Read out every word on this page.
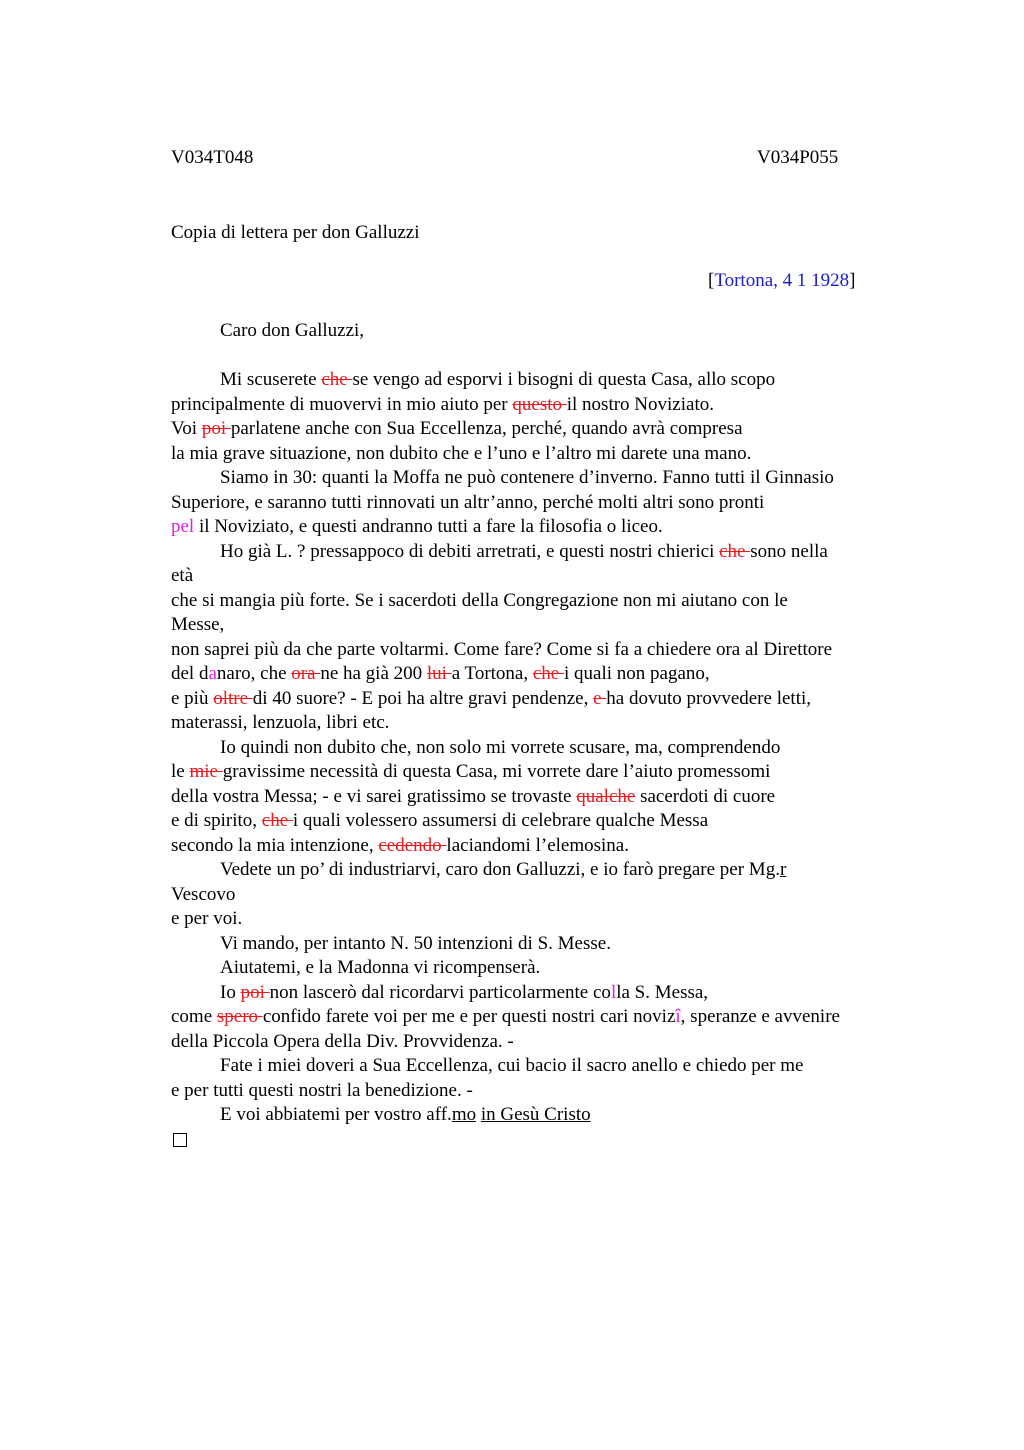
V034T048	V034P055
Copia di lettera per don Galluzzi
[Tortona, 4 1 1928]
Caro don Galluzzi,
Mi scuserete che se vengo ad esporvi i bisogni di questa Casa, allo scopo
principalmente di muovervi in mio aiuto per questo il nostro Noviziato.
Voi poi parlatene anche con Sua Eccellenza, perché, quando avrà compresa
la mia grave situazione, non dubito che e l’uno e l’altro mi darete una mano.
Siamo in 30: quanti la Moffa ne può contenere d’inverno. Fanno tutti il Ginnasio
Superiore, e saranno tutti rinnovati un altr’anno, perché molti altri sono pronti
pel il Noviziato, e questi andranno tutti a fare la filosofia o liceo.
Ho già L. ? pressappoco di debiti arretrati, e questi nostri chierici che sono nella
età
che si mangia più forte. Se i sacerdoti della Congregazione non mi aiutano con le
Messe,
non saprei più da che parte voltarmi. Come fare? Come si fa a chiedere ora al Direttore
del danaro, che ora ne ha già 200 lui a Tortona, che i quali non pagano,
e più oltre di 40 suore? - E poi ha altre gravi pendenze, e ha dovuto provvedere letti,
materassi, lenzuola, libri etc.
Io quindi non dubito che, non solo mi vorrete scusare, ma, comprendendo
le mie gravissime necessità di questa Casa, mi vorrete dare l’aiuto promessomi
della vostra Messa; - e vi sarei gratissimo se trovaste qualche sacerdoti di cuore
e di spirito, che i quali volessero assumersi di celebrare qualche Messa
secondo la mia intenzione, cedendo laciandomi l’elemosina.
Vedete un po’ di industriarvi, caro don Galluzzi, e io farò pregare per Mg.r
Vescovo
e per voi.
Vi mando, per intanto N. 50 intenzioni di S. Messe.
Aiutatemi, e la Madonna vi ricompenserà.
Io poi non lascerò dal ricordarvi particolarmente colla S. Messa,
come spero confido farete voi per me e per questi nostri cari novizî, speranze e avvenire
della Piccola Opera della Div. Provvidenza. -
Fate i miei doveri a Sua Eccellenza, cui bacio il sacro anello e chiedo per me
e per tutti questi nostri la benedizione. -
E voi abbiatemi per vostro aff.mo in Gesù Cristo
